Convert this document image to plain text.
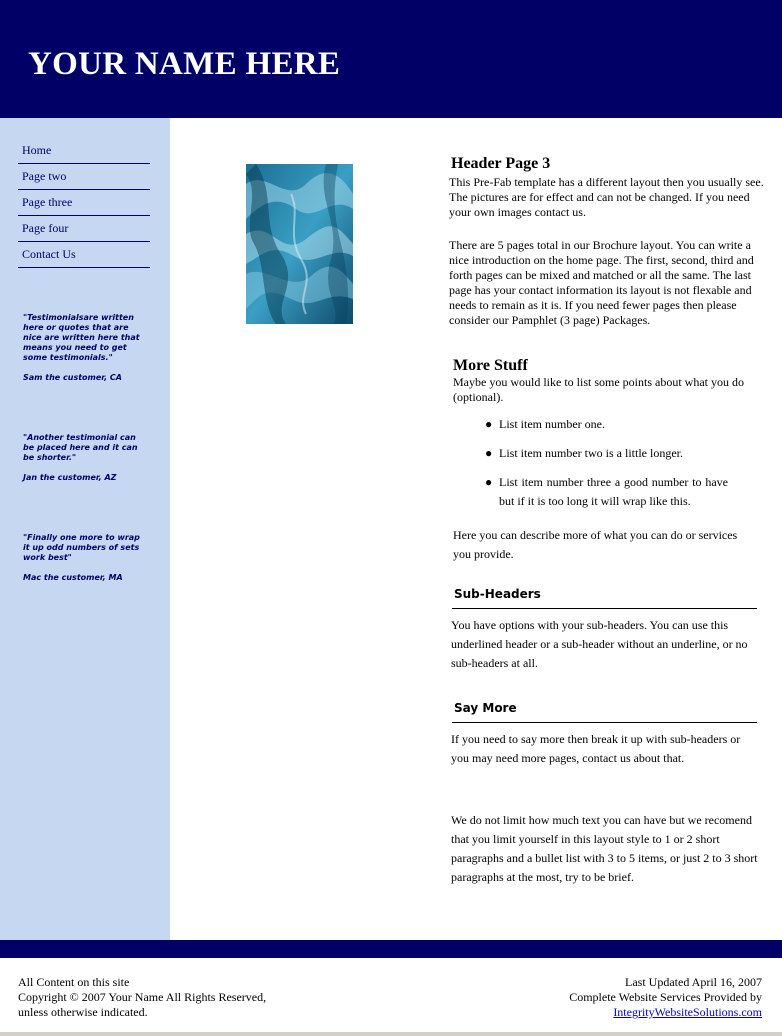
YOUR NAME HERE
Home
Page two
Page three
Page four
Contact Us
"Testimonialsare written here or quotes that are nice are written here that means you need to get some testimonials."
Sam the customer, CA
"Another testimonial can be placed here and it can be shorter."
Jan the customer, AZ
"Finally one more to wrap it up odd numbers of sets work best"
Mac the customer, MA
Header Page 3
This Pre-Fab template has a different layout then you usually see. The pictures are for effect and can not be changed. If you need your own images contact us.
There are 5 pages total in our Brochure layout. You can write a nice introduction on the home page. The first, second, third and forth pages can be mixed and matched or all the same. The last page has your contact information its layout is not flexable and needs to remain as it is. If you need fewer pages then please consider our Pamphlet (3 page) Packages.
More Stuff
Maybe you would like to list some points about what you do (optional).
● List item number one.
● List item number two is a little longer.
● List item number three a good number to have but if it is too long it will wrap like this.
Here you can describe more of what you can do or services you provide.
Sub-Headers
You have options with your sub-headers. You can use this underlined header or a sub-header without an underline, or no sub-headers at all.
Say More
If you need to say more then break it up with sub-headers or you may need more pages, contact us about that.
We do not limit how much text you can have but we recomend that you limit yourself in this layout style to 1 or 2 short paragraphs and a bullet list with 3 to 5 items, or just 2 to 3 short paragraphs at the most, try to be brief.
All Content on this site
Copyright © 2007 Your Name All Rights Reserved,
unless otherwise indicated.
Last Updated April 16, 2007
Complete Website Services Provided by
IntegrityWebsiteSolutions.com
